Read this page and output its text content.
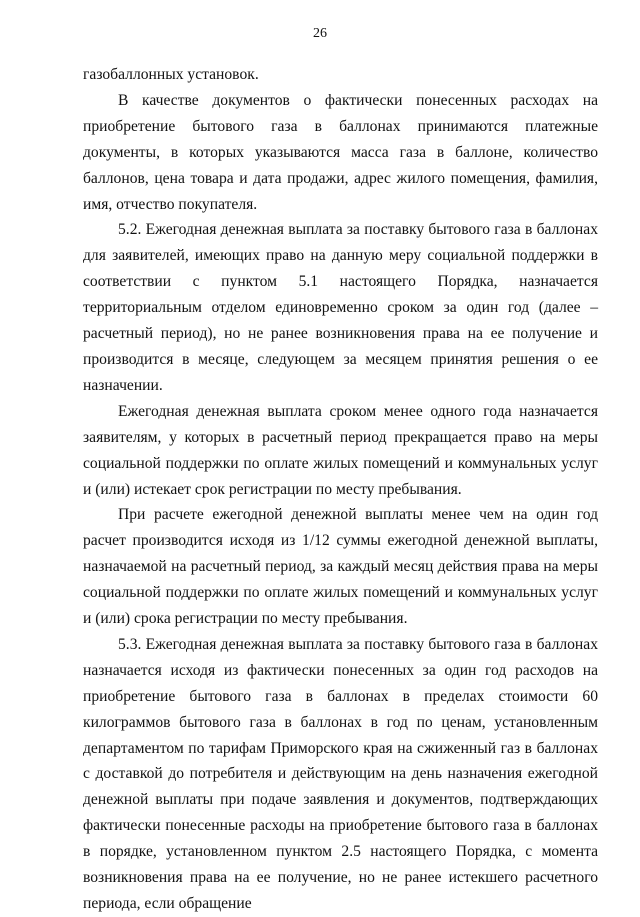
26

газобаллонных установок.

В качестве документов о фактически понесенных расходах на приобретение бытового газа в баллонах принимаются платежные документы, в которых указываются масса газа в баллоне, количество баллонов, цена товара и дата продажи, адрес жилого помещения, фамилия, имя, отчество покупателя.

5.2. Ежегодная денежная выплата за поставку бытового газа в баллонах для заявителей, имеющих право на данную меру социальной поддержки в соответствии с пунктом 5.1 настоящего Порядка, назначается территориальным отделом единовременно сроком за один год (далее – расчетный период), но не ранее возникновения права на ее получение и производится в месяце, следующем за месяцем принятия решения о ее назначении.

Ежегодная денежная выплата сроком менее одного года назначается заявителям, у которых в расчетный период прекращается право на меры социальной поддержки по оплате жилых помещений и коммунальных услуг и (или) истекает срок регистрации по месту пребывания.

При расчете ежегодной денежной выплаты менее чем на один год расчет производится исходя из 1/12 суммы ежегодной денежной выплаты, назначаемой на расчетный период, за каждый месяц действия права на меры социальной поддержки по оплате жилых помещений и коммунальных услуг и (или) срока регистрации по месту пребывания.

5.3. Ежегодная денежная выплата за поставку бытового газа в баллонах назначается исходя из фактически понесенных за один год расходов на приобретение бытового газа в баллонах в пределах стоимости 60 килограммов бытового газа в баллонах в год по ценам, установленным департаментом по тарифам Приморского края на сжиженный газ в баллонах с доставкой до потребителя и действующим на день назначения ежегодной денежной выплаты при подаче заявления и документов, подтверждающих фактически понесенные расходы на приобретение бытового газа в баллонах в порядке, установленном пунктом 2.5 настоящего Порядка, с момента возникновения права на ее получение, но не ранее истекшего расчетного периода, если обращение
